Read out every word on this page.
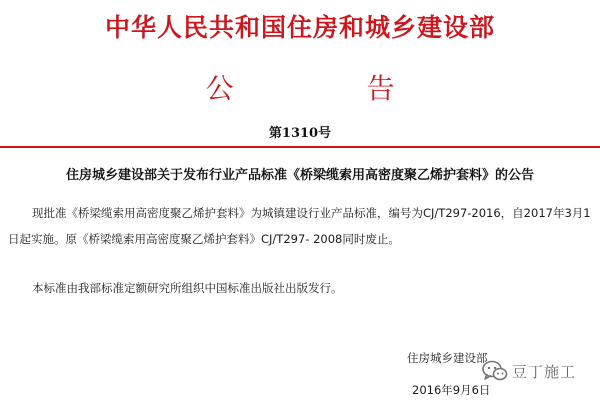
中华人民共和国住房和城乡建设部
公 告
第1310号
住房城乡建设部关于发布行业产品标准《桥梁缆索用高密度聚乙烯护套料》的公告
现批准《桥梁缆索用高密度聚乙烯护套料》为城镇建设行业产品标准，编号为CJ/T297-2016，自2017年3月1日起实施。原《桥梁缆索用高密度聚乙烯护套料》CJ/T297- 2008同时废止。
本标准由我部标准定额研究所组织中国标准出版社出版发行。
住房城乡建设部
豆丁施工
2016年9月6日
